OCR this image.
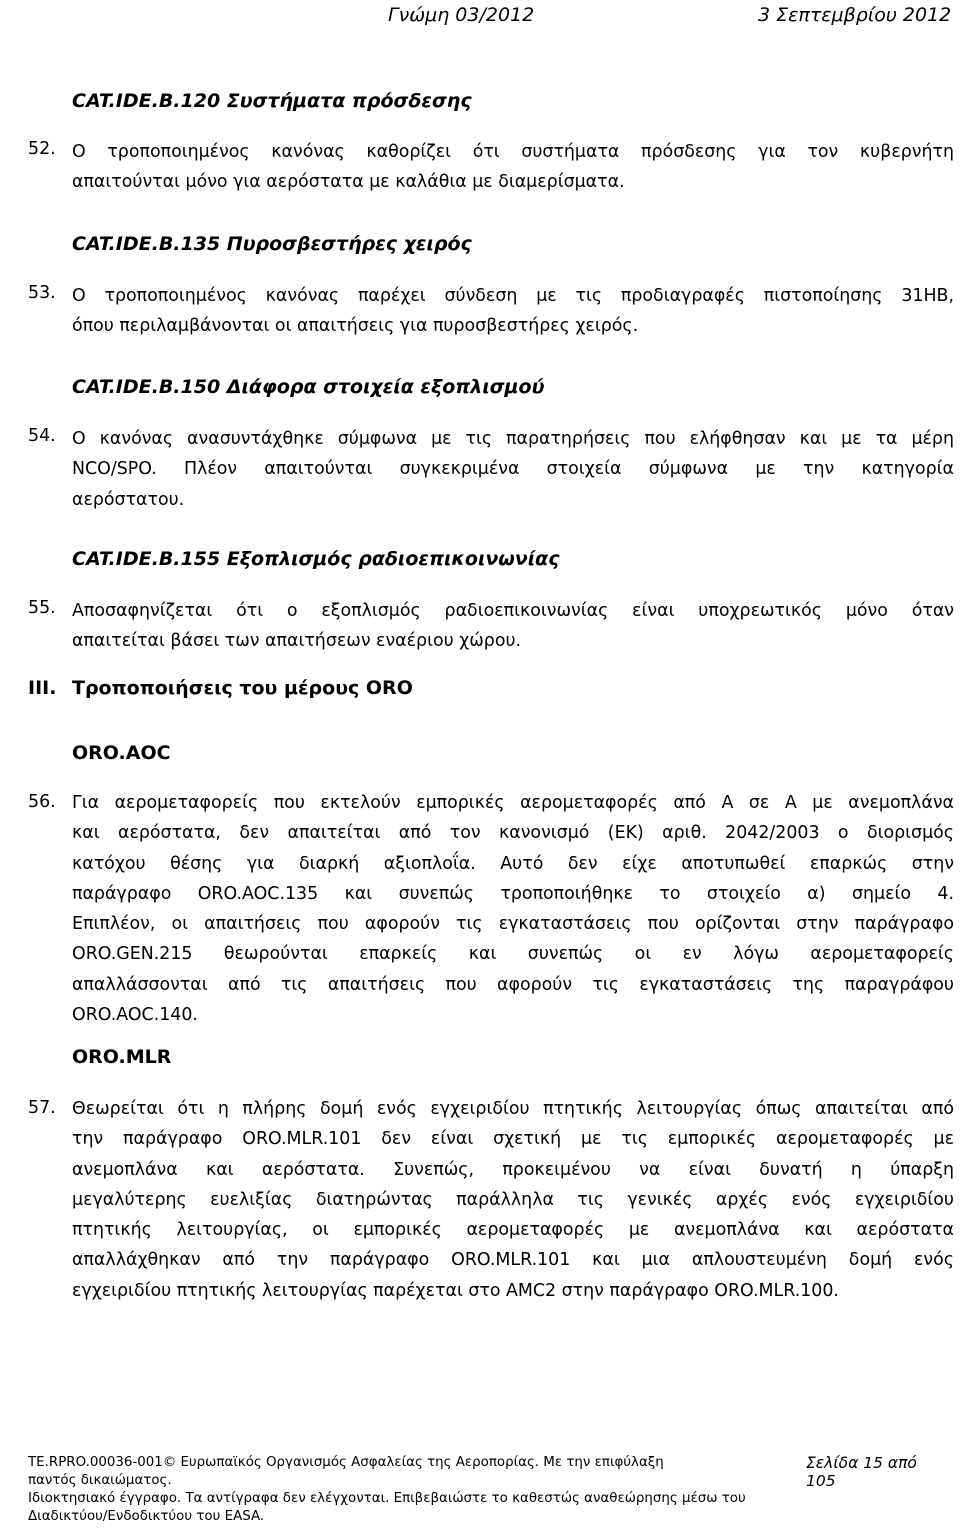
Γνώμη 03/2012	3 Σεπτεμβρίου 2012
CAT.IDE.B.120 Συστήματα πρόσδεσης
52. Ο τροποποιημένος κανόνας καθορίζει ότι συστήματα πρόσδεσης για τον κυβερνήτη
απαιτούνται μόνο για αερόστατα με καλάθια με διαμερίσματα.
CAT.IDE.B.135 Πυροσβεστήρες χειρός
53. Ο τροποποιημένος κανόνας παρέχει σύνδεση με τις προδιαγραφές πιστοποίησης 31HB,
όπου περιλαμβάνονται οι απαιτήσεις για πυροσβεστήρες χειρός.
CAT.IDE.B.150 Διάφορα στοιχεία εξοπλισμού
54. Ο κανόνας ανασυντάχθηκε σύμφωνα με τις παρατηρήσεις που ελήφθησαν και με τα μέρη
NCO/SPO. Πλέον απαιτούνται συγκεκριμένα στοιχεία σύμφωνα με την κατηγορία
αερόστατου.
CAT.IDE.B.155 Εξοπλισμός ραδιοεπικοινωνίας
55. Αποσαφηνίζεται ότι ο εξοπλισμός ραδιοεπικοινωνίας είναι υποχρεωτικός μόνο όταν
απαιτείται βάσει των απαιτήσεων εναέριου χώρου.
III. Τροποποιήσεις του μέρους ORO
ORO.AOC
56. Για αερομεταφορείς που εκτελούν εμπορικές αερομεταφορές από Α σε Α με ανεμοπλάνα
και αερόστατα, δεν απαιτείται από τον κανονισμό (ΕΚ) αριθ. 2042/2003 ο διορισμός
κατόχου θέσης για διαρκή αξιοπλοΐα. Αυτό δεν είχε αποτυπωθεί επαρκώς στην
παράγραφο ORO.AOC.135 και συνεπώς τροποποιήθηκε το στοιχείο α) σημείο 4.
Επιπλέον, οι απαιτήσεις που αφορούν τις εγκαταστάσεις που ορίζονται στην παράγραφο
ORO.GEN.215 θεωρούνται επαρκείς και συνεπώς οι εν λόγω αερομεταφορείς
απαλλάσσονται από τις απαιτήσεις που αφορούν τις εγκαταστάσεις της παραγράφου
ORO.AOC.140.
ORO.MLR
57. Θεωρείται ότι η πλήρης δομή ενός εγχειριδίου πτητικής λειτουργίας όπως απαιτείται από
την παράγραφο ORO.MLR.101 δεν είναι σχετική με τις εμπορικές αερομεταφορές με
ανεμοπλάνα και αερόστατα. Συνεπώς, προκειμένου να είναι δυνατή η ύπαρξη
μεγαλύτερης ευελιξίας διατηρώντας παράλληλα τις γενικές αρχές ενός εγχειριδίου
πτητικής λειτουργίας, οι εμπορικές αερομεταφορές με ανεμοπλάνα και αερόστατα
απαλλάχθηκαν από την παράγραφο ORO.MLR.101 και μια απλουστευμένη δομή ενός
εγχειριδίου πτητικής λειτουργίας παρέχεται στο AMC2 στην παράγραφο ORO.MLR.100.
TE.RPRO.00036-001© Ευρωπαϊκός Οργανισμός Ασφαλείας της Αεροπορίας. Με την επιφύλαξη
παντός δικαιώματος.
Ιδιοκτησιακό έγγραφο. Τα αντίγραφα δεν ελέγχονται. Επιβεβαιώστε το καθεστώς αναθεώρησης μέσω του
Διαδικτύου/Ενδοδικτύου του EASA.
Σελίδα 15 από 105
